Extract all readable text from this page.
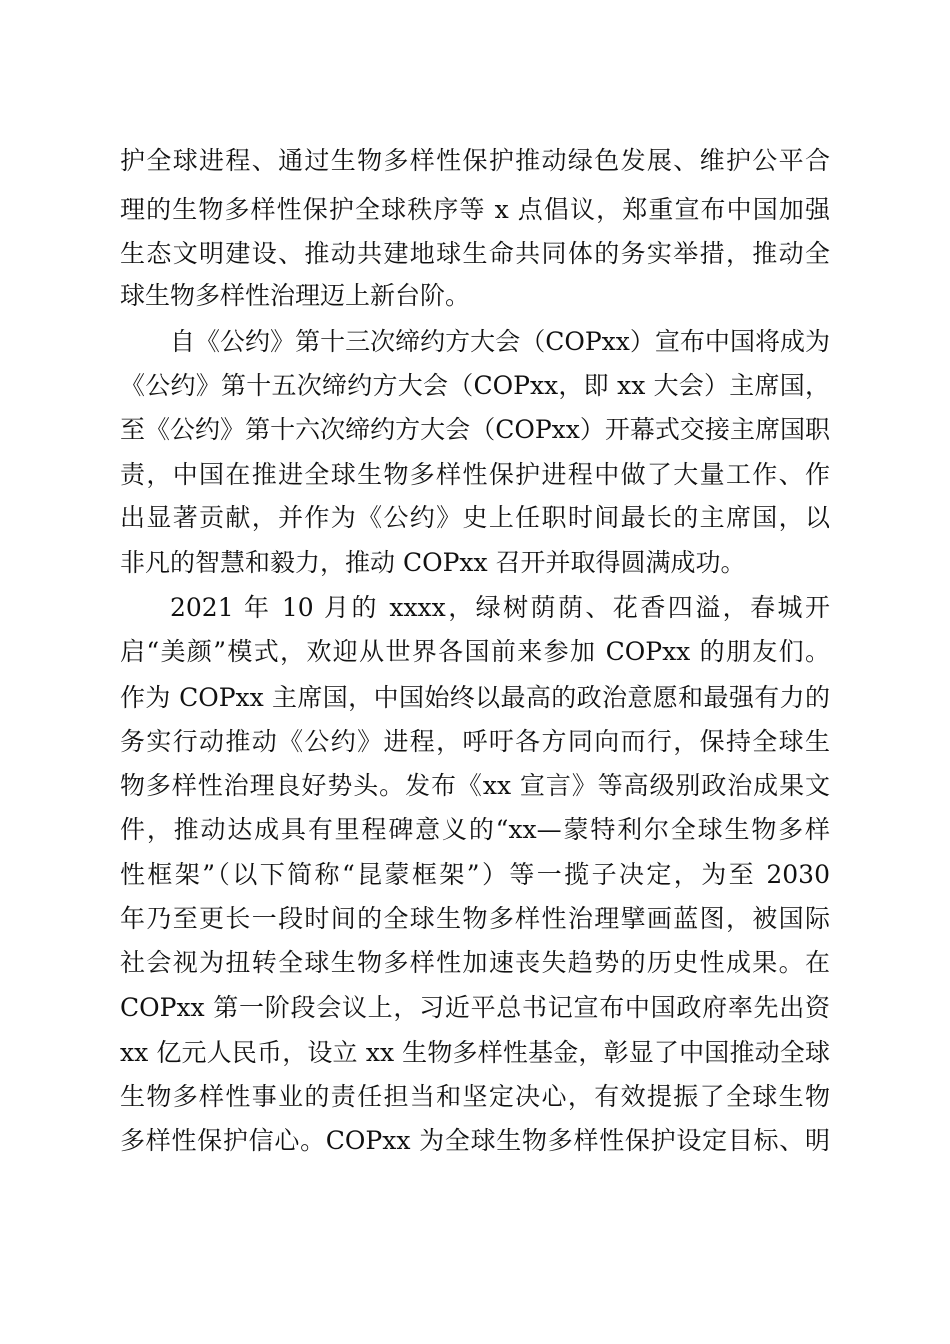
护全球进程、通过生物多样性保护推动绿色发展、维护公平合
理的生物多样性保护全球秩序等 x 点倡议，郑重宣布中国加强
生态文明建设、推动共建地球生命共同体的务实举措，推动全
球生物多样性治理迈上新台阶。
自《公约》第十三次缔约方大会（COPxx）宣布中国将成为
《公约》第十五次缔约方大会（COPxx，即 xx 大会）主席国，
至《公约》第十六次缔约方大会（COPxx）开幕式交接主席国职
责，中国在推进全球生物多样性保护进程中做了大量工作、作
出显著贡献，并作为《公约》史上任职时间最长的主席国，以
非凡的智慧和毅力，推动 COPxx 召开并取得圆满成功。
2021 年 10 月的 xxxx，绿树荫荫、花香四溢，春城开
启“美颜”模式，欢迎从世界各国前来参加 COPxx 的朋友们。
作为 COPxx 主席国，中国始终以最高的政治意愿和最强有力的
务实行动推动《公约》进程，呼吁各方同向而行，保持全球生
物多样性治理良好势头。发布《xx 宣言》等高级别政治成果文
件，推动达成具有里程碑意义的“xx—蒙特利尔全球生物多样
性框架”（以下简称“昆蒙框架”）等一揽子决定，为至 2030
年乃至更长一段时间的全球生物多样性治理擘画蓝图，被国际
社会视为扭转全球生物多样性加速丧失趋势的历史性成果。在
COPxx 第一阶段会议上，习近平总书记宣布中国政府率先出资
xx 亿元人民币，设立 xx 生物多样性基金，彰显了中国推动全球
生物多样性事业的责任担当和坚定决心，有效提振了全球生物
多样性保护信心。COPxx 为全球生物多样性保护设定目标、明
